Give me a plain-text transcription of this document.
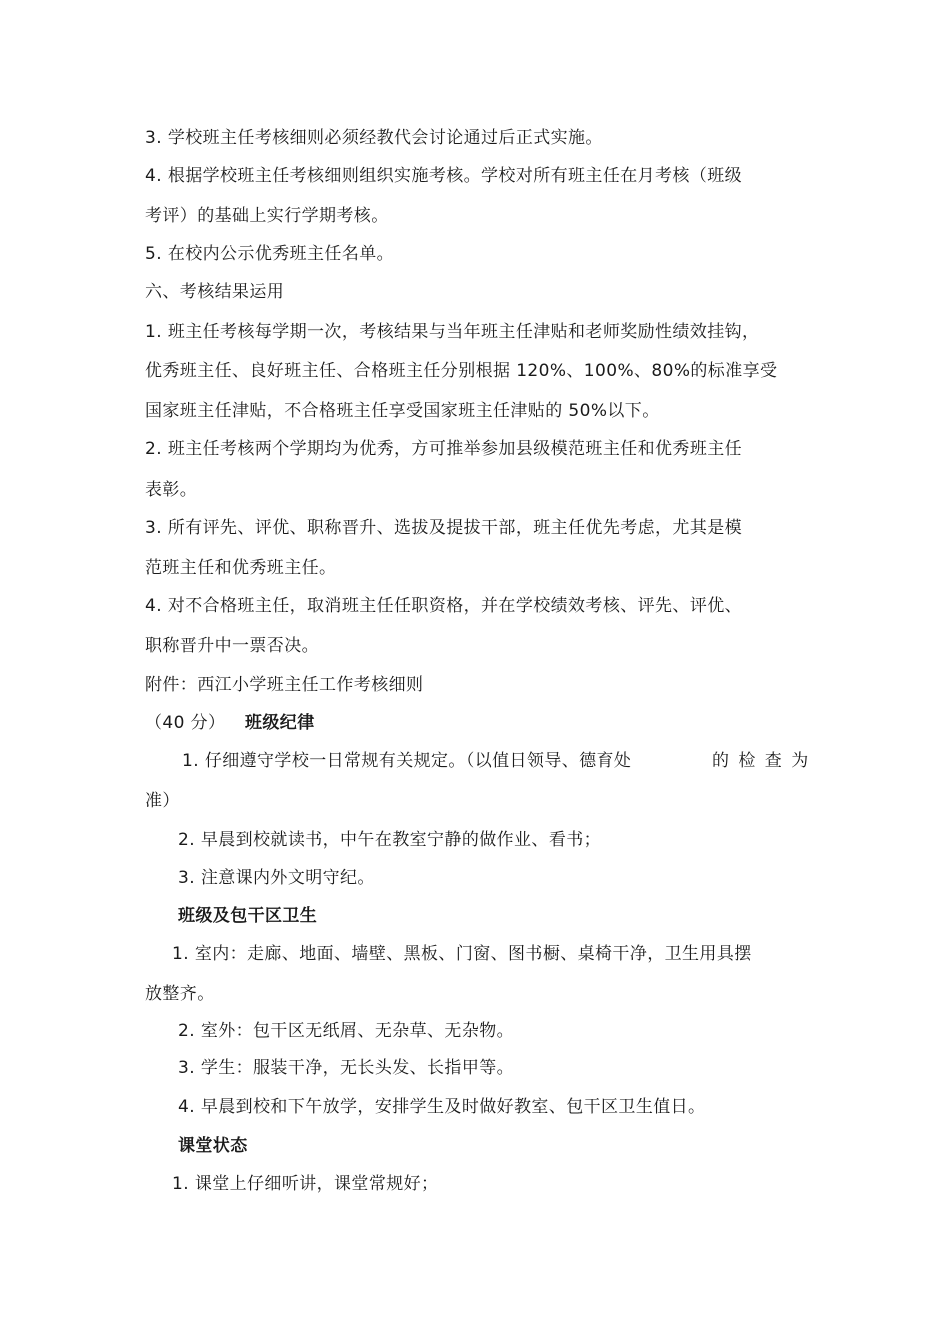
3. 学校班主任考核细则必须经教代会讨论通过后正式实施。
4. 根据学校班主任考核细则组织实施考核。学校对所有班主任在月考核（班级
考评）的基础上实行学期考核。
5. 在校内公示优秀班主任名单。
六、考核结果运用
1. 班主任考核每学期一次，考核结果与当年班主任津贴和老师奖励性绩效挂钩，
优秀班主任、良好班主任、合格班主任分别根据 120%、100%、80%的标准享受
国家班主任津贴，不合格班主任享受国家班主任津贴的 50%以下。
2. 班主任考核两个学期均为优秀，方可推举参加县级模范班主任和优秀班主任
表彰。
3. 所有评先、评优、职称晋升、选拔及提拔干部，班主任优先考虑，尤其是模
范班主任和优秀班主任。
4. 对不合格班主任，取消班主任任职资格，并在学校绩效考核、评先、评优、
职称晋升中一票否决。
附件：西江小学班主任工作考核细则
（40 分） 班级纪律
1. 仔细遵守学校一日常规有关规定。（以值日领导、德育处	的 检 查 为
准）
2. 早晨到校就读书，中午在教室宁静的做作业、看书；
3. 注意课内外文明守纪。
班级及包干区卫生
1. 室内：走廊、地面、墙壁、黑板、门窗、图书橱、桌椅干净，卫生用具摆
放整齐。
2. 室外：包干区无纸屑、无杂草、无杂物。
3. 学生：服装干净，无长头发、长指甲等。
4. 早晨到校和下午放学，安排学生及时做好教室、包干区卫生值日。
课堂状态
1. 课堂上仔细听讲，课堂常规好；
